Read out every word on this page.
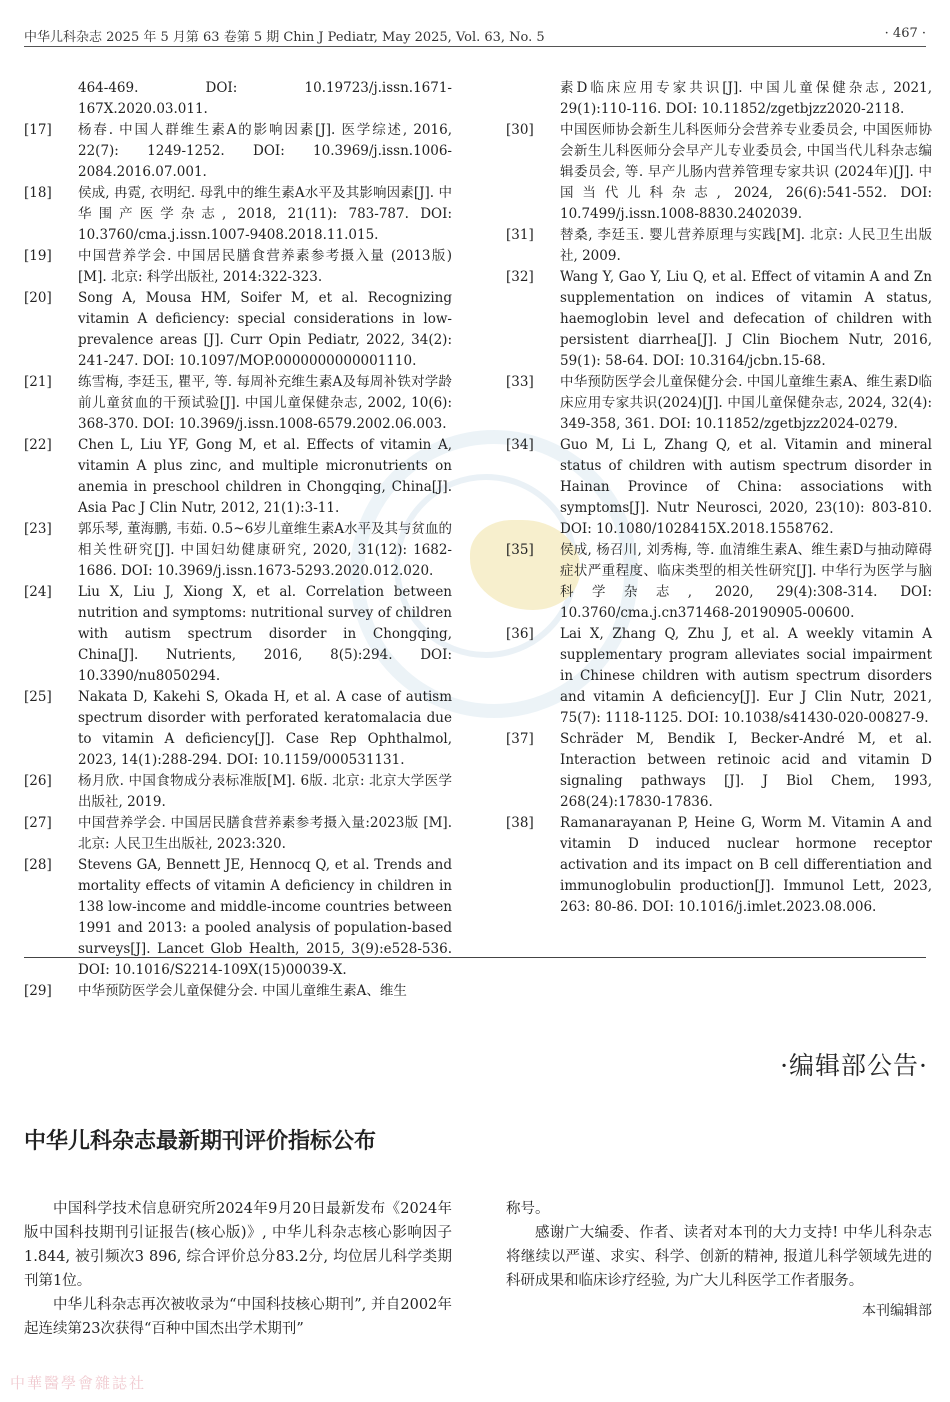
中华儿科杂志 2025 年 5 月第 63 卷第 5 期 Chin J Pediatr, May 2025, Vol. 63, No. 5	· 467 ·

464-469. DOI: 10.19723/j.issn.1671-167X.2020.03.011.

[17]	杨春. 中国人群维生素A的影响因素[J]. 医学综述, 2016, 22(7): 1249-1252. DOI: 10.3969/j.issn.1006-2084.2016.07.001.

[18]	侯成, 冉霓, 衣明纪. 母乳中的维生素A水平及其影响因素[J]. 中华围产医学杂志, 2018, 21(11): 783-787. DOI: 10.3760/cma.j.issn.1007-9408.2018.11.015.

[19]	中国营养学会. 中国居民膳食营养素参考摄入量 (2013版) [M]. 北京: 科学出版社, 2014:322-323.

[20]	Song A, Mousa HM, Soifer M, et al. Recognizing vitamin A deficiency: special considerations in low-prevalence areas [J]. Curr Opin Pediatr, 2022, 34(2): 241-247. DOI: 10.1097/MOP.0000000000001110.

[21]	练雪梅, 李廷玉, 瞿平, 等. 每周补充维生素A及每周补铁对学龄前儿童贫血的干预试验[J]. 中国儿童保健杂志, 2002, 10(6): 368-370. DOI: 10.3969/j.issn.1008-6579.2002.06.003.

[22]	Chen L, Liu YF, Gong M, et al. Effects of vitamin A, vitamin A plus zinc, and multiple micronutrients on anemia in preschool children in Chongqing, China[J]. Asia Pac J Clin Nutr, 2012, 21(1):3-11.

[23]	郭乐琴, 董海鹏, 韦茹. 0.5~6岁儿童维生素A水平及其与贫血的相关性研究[J]. 中国妇幼健康研究, 2020, 31(12): 1682-1686. DOI: 10.3969/j.issn.1673-5293.2020.012.020.

[24]	Liu X, Liu J, Xiong X, et al. Correlation between nutrition and symptoms: nutritional survey of children with autism spectrum disorder in Chongqing, China[J]. Nutrients, 2016, 8(5):294. DOI: 10.3390/nu8050294.

[25]	Nakata D, Kakehi S, Okada H, et al. A case of autism spectrum disorder with perforated keratomalacia due to vitamin A deficiency[J]. Case Rep Ophthalmol, 2023, 14(1):288-294. DOI: 10.1159/000531131.

[26]	杨月欣. 中国食物成分表标准版[M]. 6版. 北京: 北京大学医学出版社, 2019.

[27]	中国营养学会. 中国居民膳食营养素参考摄入量:2023版 [M]. 北京: 人民卫生出版社, 2023:320.

[28]	Stevens GA, Bennett JE, Hennocq Q, et al. Trends and mortality effects of vitamin A deficiency in children in 138 low-income and middle-income countries between 1991 and 2013: a pooled analysis of population-based surveys[J]. Lancet Glob Health, 2015, 3(9):e528-536. DOI: 10.1016/S2214-109X(15)00039-X.

[29]	中华预防医学会儿童保健分会. 中国儿童维生素A、维生

素D临床应用专家共识[J]. 中国儿童保健杂志, 2021, 29(1):110-116. DOI: 10.11852/zgetbjzz2020-2118.

[30]	中国医师协会新生儿科医师分会营养专业委员会, 中国医师协会新生儿科医师分会早产儿专业委员会, 中国当代儿科杂志编辑委员会, 等. 早产儿肠内营养管理专家共识 (2024年)[J]. 中国当代儿科杂志, 2024, 26(6):541-552. DOI: 10.7499/j.issn.1008-8830.2402039.

[31]	替桑, 李廷玉. 婴儿营养原理与实践[M]. 北京: 人民卫生出版社, 2009.

[32]	Wang Y, Gao Y, Liu Q, et al. Effect of vitamin A and Zn supplementation on indices of vitamin A status, haemoglobin level and defecation of children with persistent diarrhea[J]. J Clin Biochem Nutr, 2016, 59(1): 58-64. DOI: 10.3164/jcbn.15-68.

[33]	中华预防医学会儿童保健分会. 中国儿童维生素A、维生素D临床应用专家共识(2024)[J]. 中国儿童保健杂志, 2024, 32(4): 349-358, 361. DOI: 10.11852/zgetbjzz2024-0279.

[34]	Guo M, Li L, Zhang Q, et al. Vitamin and mineral status of children with autism spectrum disorder in Hainan Province of China: associations with symptoms[J]. Nutr Neurosci, 2020, 23(10): 803-810. DOI: 10.1080/1028415X.2018.1558762.

[35]	侯成, 杨召川, 刘秀梅, 等. 血清维生素A、维生素D与抽动障碍症状严重程度、临床类型的相关性研究[J]. 中华行为医学与脑科学杂志, 2020, 29(4):308-314. DOI: 10.3760/cma.j.cn371468-20190905-00600.

[36]	Lai X, Zhang Q, Zhu J, et al. A weekly vitamin A supplementary program alleviates social impairment in Chinese children with autism spectrum disorders and vitamin A deficiency[J]. Eur J Clin Nutr, 2021, 75(7): 1118-1125. DOI: 10.1038/s41430-020-00827-9.

[37]	Schräder M, Bendik I, Becker-André M, et al. Interaction between retinoic acid and vitamin D signaling pathways [J]. J Biol Chem, 1993, 268(24):17830-17836.

[38]	Ramanarayanan P, Heine G, Worm M. Vitamin A and vitamin D induced nuclear hormone receptor activation and its impact on B cell differentiation and immunoglobulin production[J]. Immunol Lett, 2023, 263: 80-86. DOI: 10.1016/j.imlet.2023.08.006.

·编辑部公告·
中华儿科杂志最新期刊评价指标公布

中国科学技术信息研究所2024年9月20日最新发布《2024年版中国科技期刊引证报告(核心版)》, 中华儿科杂志核心影响因子1.844, 被引频次3 896, 综合评价总分83.2分, 均位居儿科学类期刊第1位。

中华儿科杂志再次被收录为“中国科技核心期刊”, 并自2002年起连续第23次获得“百种中国杰出学术期刊”

称号。

感谢广大编委、作者、读者对本刊的大力支持! 中华儿科杂志将继续以严谨、求实、科学、创新的精神, 报道儿科学领域先进的科研成果和临床诊疗经验, 为广大儿科医学工作者服务。

本刊编辑部
中華醫學會雜誌社
